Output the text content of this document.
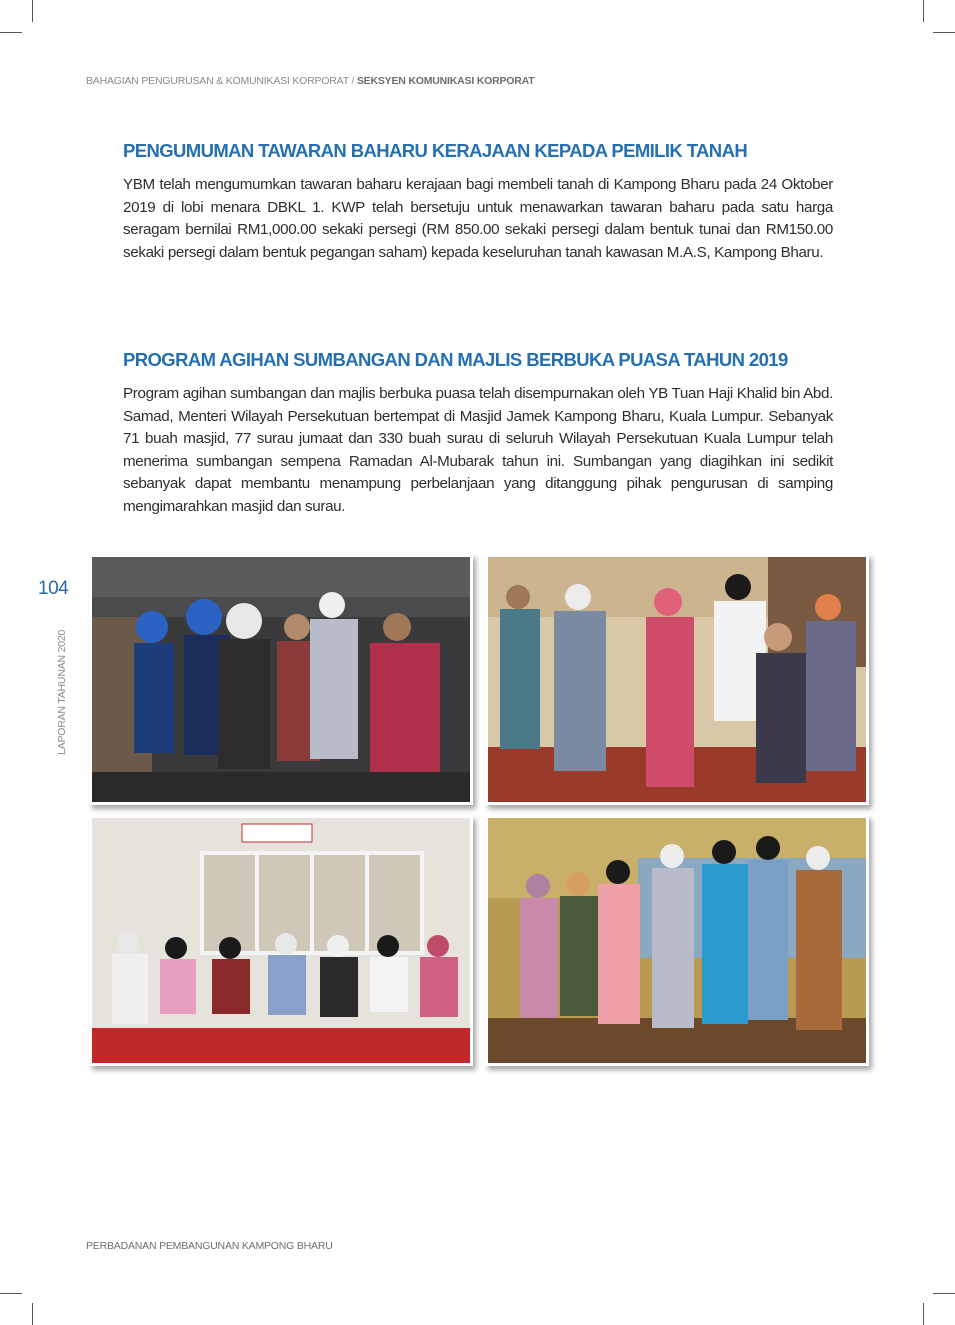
BAHAGIAN PENGURUSAN & KOMUNIKASI KORPORAT / SEKSYEN KOMUNIKASI KORPORAT
PENGUMUMAN TAWARAN BAHARU KERAJAAN KEPADA PEMILIK TANAH

YBM telah mengumumkan tawaran baharu kerajaan bagi membeli tanah di Kampong Bharu pada 24 Oktober 2019 di lobi menara DBKL 1. KWP telah bersetuju untuk menawarkan tawaran baharu pada satu harga seragam bernilai RM1,000.00 sekaki persegi (RM 850.00 sekaki persegi dalam bentuk tunai dan RM150.00 sekaki persegi dalam bentuk pegangan saham) kepada keseluruhan tanah kawasan M.A.S, Kampong Bharu.

PROGRAM AGIHAN SUMBANGAN DAN MAJLIS BERBUKA PUASA TAHUN 2019

Program agihan sumbangan dan majlis berbuka puasa telah disempurnakan oleh YB Tuan Haji Khalid bin Abd. Samad, Menteri Wilayah Persekutuan bertempat di Masjid Jamek Kampong Bharu, Kuala Lumpur. Sebanyak 71 buah masjid, 77 surau jumaat dan 330 buah surau di seluruh Wilayah Persekutuan Kuala Lumpur telah menerima sumbangan sempena Ramadan Al-Mubarak tahun ini. Sumbangan yang diagihkan ini sedikit sebanyak dapat membantu menampung perbelanjaan yang ditanggung pihak pengurusan di samping mengimarahkan masjid dan surau.

104
LAPORAN TAHUNAN 2020
PERBADANAN PEMBANGUNAN KAMPONG BHARU
